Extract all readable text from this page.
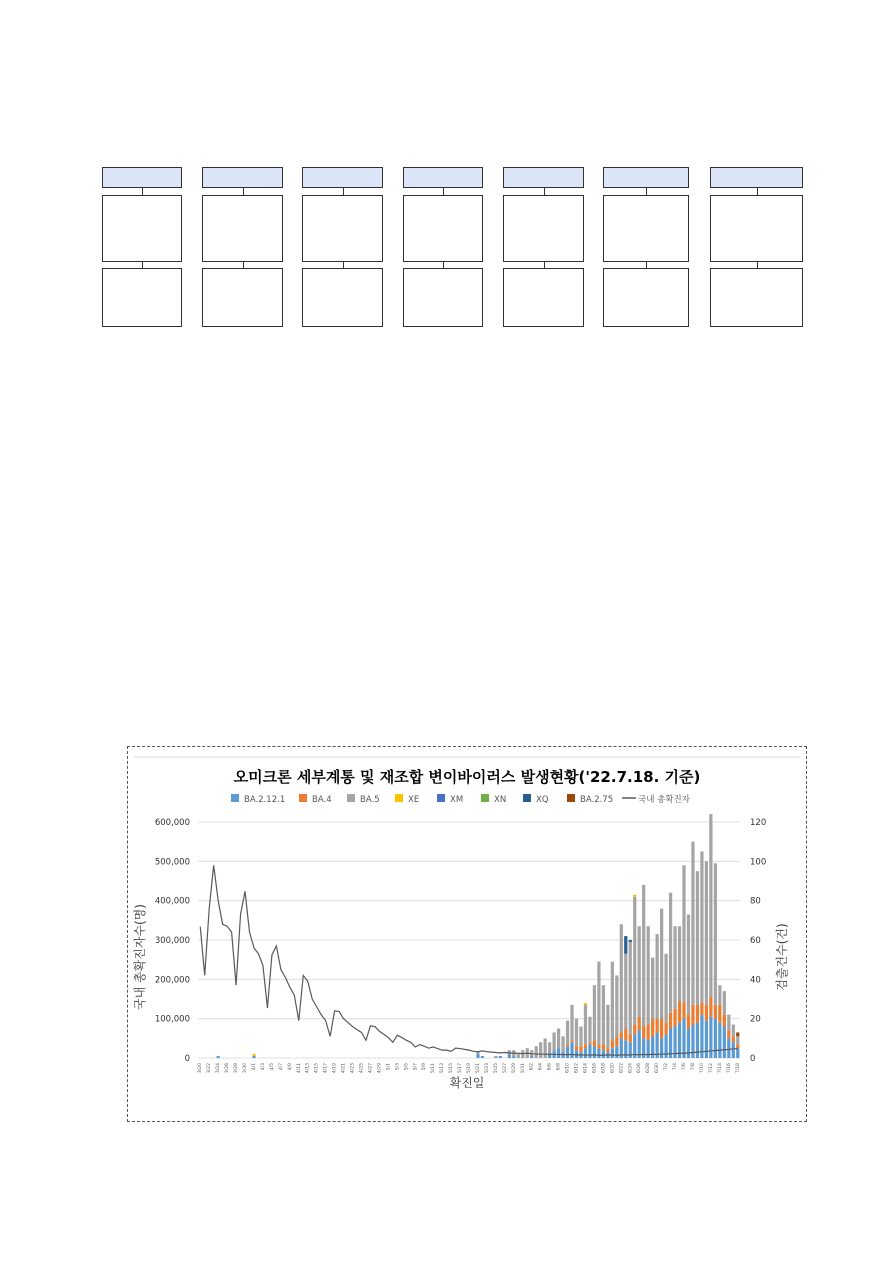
오미크론 세부계통 및 재조합 변이바이러스 발생현황('22.7.18. 기준)
BA.2.12.1	BA.4	BA.5	XE	XM	XN	XQ	BA.2.75	국내 총확진자
0
100,000
200,000
300,000
400,000
500,000
600,000
0
20
40
60
80
100
120
3/20 3/22 3/24 3/26 3/28 3/30 4/1 4/3 4/5 4/7 4/9 4/11 4/13 4/15 4/17 4/19 4/21 4/23 4/25 4/27 4/29 5/1 5/3 5/5 5/7 5/9 5/11 5/13 5/15 5/17 5/19 5/21 5/23 5/25 5/27 5/29 5/31 6/2 6/4 6/6 6/8 6/10 6/12 6/14 6/16 6/18 6/20 6/22 6/24 6/26 6/28 6/30 7/2 7/4 7/6 7/8 7/10 7/12 7/14 7/16 7/18
확진일
국내 총확진자수(명)	검출건수(건)
